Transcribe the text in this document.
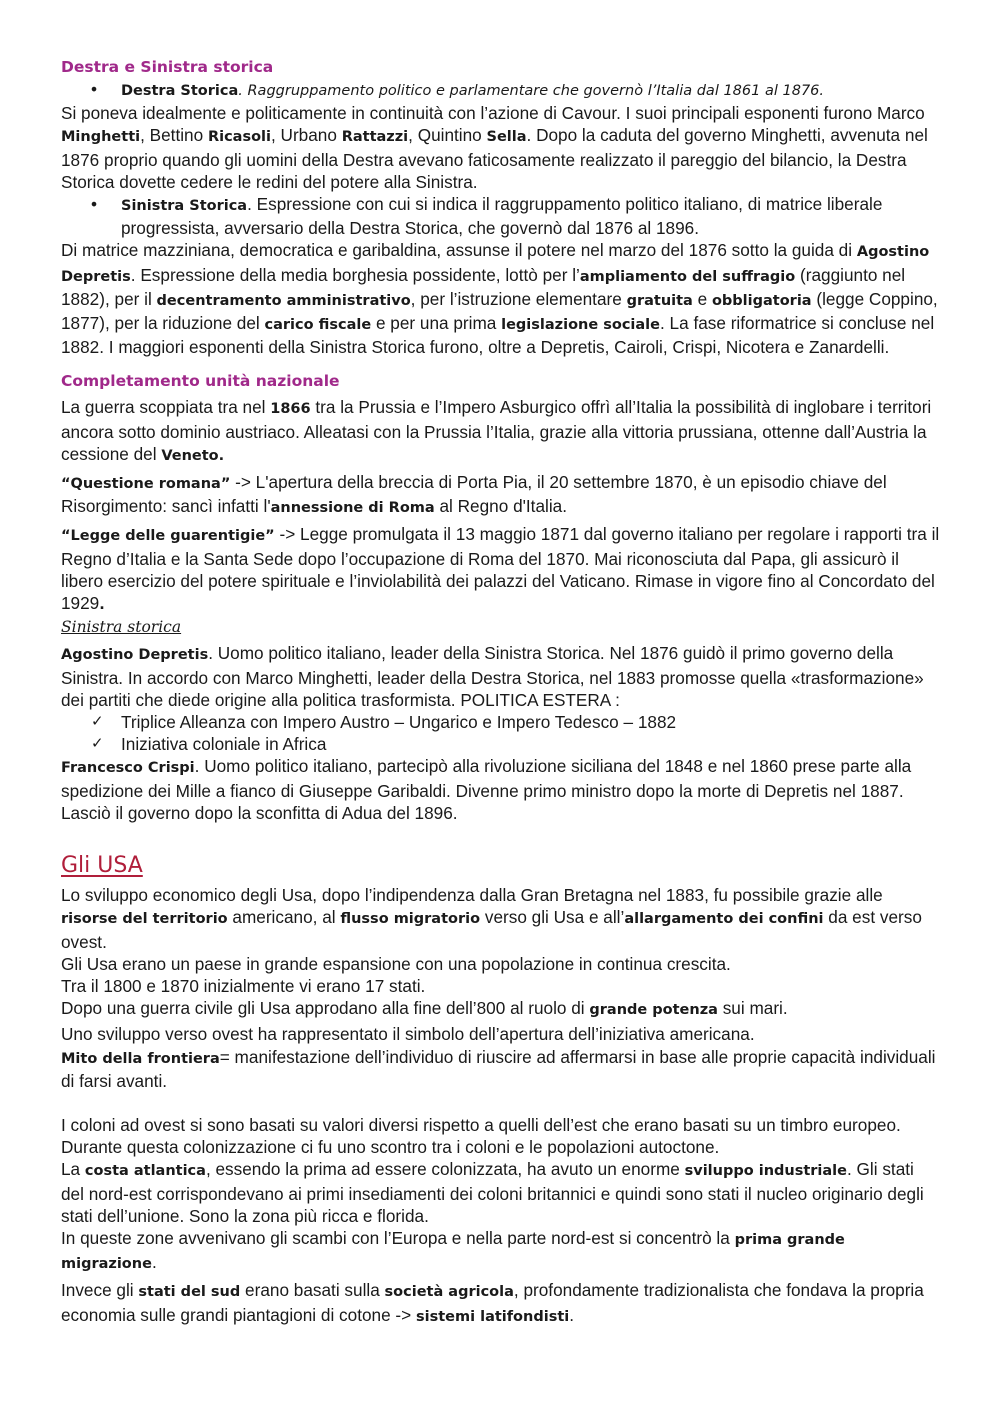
Destra e Sinistra storica

• Destra Storica. Raggruppamento politico e parlamentare che governò l’Italia dal 1861 al 1876.

Si poneva idealmente e politicamente in continuità con l’azione di Cavour. I suoi principali esponenti furono Marco Minghetti, Bettino Ricasoli, Urbano Rattazzi, Quintino Sella. Dopo la caduta del governo Minghetti, avvenuta nel 1876 proprio quando gli uomini della Destra avevano faticosamente realizzato il pareggio del bilancio, la Destra Storica dovette cedere le redini del potere alla Sinistra.

• Sinistra Storica. Espressione con cui si indica il raggruppamento politico italiano, di matrice liberale progressista, avversario della Destra Storica, che governò dal 1876 al 1896.

Di matrice mazziniana, democratica e garibaldina, assunse il potere nel marzo del 1876 sotto la guida di Agostino Depretis. Espressione della media borghesia possidente, lottò per l’ampliamento del suffragio (raggiunto nel 1882), per il decentramento amministrativo, per l’istruzione elementare gratuita e obbligatoria (legge Coppino, 1877), per la riduzione del carico fiscale e per una prima legislazione sociale. La fase riformatrice si concluse nel 1882. I maggiori esponenti della Sinistra Storica furono, oltre a Depretis, Cairoli, Crispi, Nicotera e Zanardelli.

Completamento unità nazionale

La guerra scoppiata tra nel 1866 tra la Prussia e l’Impero Asburgico offrì all’Italia la possibilità di inglobare i territori ancora sotto dominio austriaco. Alleatasi con la Prussia l’Italia, grazie alla vittoria prussiana, ottenne dall’Austria la cessione del Veneto.

“Questione romana” -> L'apertura della breccia di Porta Pia, il 20 settembre 1870, è un episodio chiave del Risorgimento: sancì infatti l'annessione di Roma al Regno d'Italia.

“Legge delle guarentigie” -> Legge promulgata il 13 maggio 1871 dal governo italiano per regolare i rapporti tra il Regno d’Italia e la Santa Sede dopo l’occupazione di Roma del 1870. Mai riconosciuta dal Papa, gli assicurò il libero esercizio del potere spirituale e l’inviolabilità dei palazzi del Vaticano. Rimase in vigore fino al Concordato del 1929.

Sinistra storica

Agostino Depretis. Uomo politico italiano, leader della Sinistra Storica. Nel 1876 guidò il primo governo della Sinistra. In accordo con Marco Minghetti, leader della Destra Storica, nel 1883 promosse quella «trasformazione» dei partiti che diede origine alla politica trasformista. POLITICA ESTERA :

✓ Triplice Alleanza con Impero Austro – Ungarico e Impero Tedesco – 1882

✓ Iniziativa coloniale in Africa

Francesco Crispi. Uomo politico italiano, partecipò alla rivoluzione siciliana del 1848 e nel 1860 prese parte alla spedizione dei Mille a fianco di Giuseppe Garibaldi. Divenne primo ministro dopo la morte di Depretis nel 1887. Lasciò il governo dopo la sconfitta di Adua del 1896.

Gli USA

Lo sviluppo economico degli Usa, dopo l’indipendenza dalla Gran Bretagna nel 1883, fu possibile grazie alle risorse del territorio americano, al flusso migratorio verso gli Usa e all’allargamento dei confini da est verso ovest.

Gli Usa erano un paese in grande espansione con una popolazione in continua crescita.

Tra il 1800 e 1870 inizialmente vi erano 17 stati.

Dopo una guerra civile gli Usa approdano alla fine dell’800 al ruolo di grande potenza sui mari.

Uno sviluppo verso ovest ha rappresentato il simbolo dell’apertura dell’iniziativa americana.

Mito della frontiera= manifestazione dell’individuo di riuscire ad affermarsi in base alle proprie capacità individuali di farsi avanti.

I coloni ad ovest si sono basati su valori diversi rispetto a quelli dell’est che erano basati su un timbro europeo.

Durante questa colonizzazione ci fu uno scontro tra i coloni e le popolazioni autoctone.

La costa atlantica, essendo la prima ad essere colonizzata, ha avuto un enorme sviluppo industriale. Gli stati del nord-est corrispondevano ai primi insediamenti dei coloni britannici e quindi sono stati il nucleo originario degli stati dell’unione. Sono la zona più ricca e florida.

In queste zone avvenivano gli scambi con l’Europa e nella parte nord-est si concentrò la prima grande migrazione.

Invece gli stati del sud erano basati sulla società agricola, profondamente tradizionalista che fondava la propria economia sulle grandi piantagioni di cotone -> sistemi latifondisti.
